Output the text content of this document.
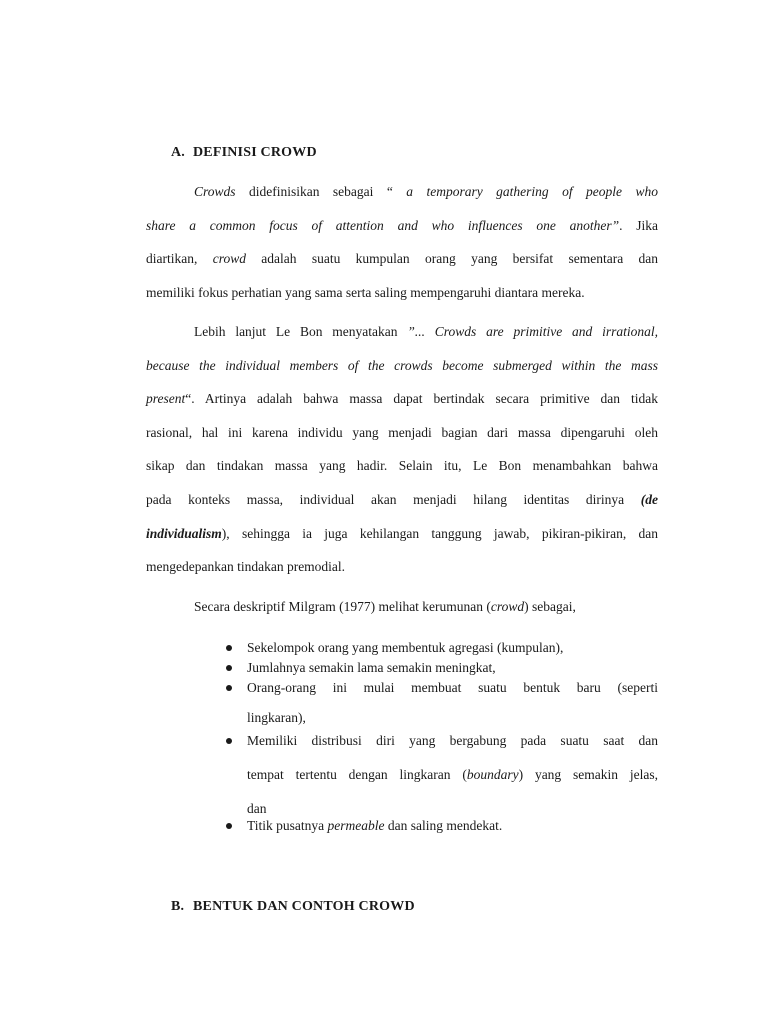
A. DEFINISI CROWD
Crowds didefinisikan sebagai “ a temporary gathering of people who
share a common focus of attention and who influences one another”. Jika
diartikan, crowd adalah suatu kumpulan orang yang bersifat sementara dan
memiliki fokus perhatian yang sama serta saling mempengaruhi diantara mereka.
Lebih lanjut Le Bon menyatakan ”... Crowds are primitive and irrational,
because the individual members of the crowds become submerged within the mass
present“. Artinya adalah bahwa massa dapat bertindak secara primitive dan tidak
rasional, hal ini karena individu yang menjadi bagian dari massa dipengaruhi oleh
sikap dan tindakan massa yang hadir. Selain itu, Le Bon menambahkan bahwa
pada konteks massa, individual akan menjadi hilang identitas dirinya (de
individualism), sehingga ia juga kehilangan tanggung jawab, pikiran-pikiran, dan
mengedepankan tindakan premodial.
Secara deskriptif Milgram (1977) melihat kerumunan (crowd) sebagai,
Sekelompok orang yang membentuk agregasi (kumpulan),
Jumlahnya semakin lama semakin meningkat,
Orang-orang ini mulai membuat suatu bentuk baru (seperti
lingkaran),
Memiliki distribusi diri yang bergabung pada suatu saat dan
tempat tertentu dengan lingkaran (boundary) yang semakin jelas,
dan
Titik pusatnya permeable dan saling mendekat.
B. BENTUK DAN CONTOH CROWD
